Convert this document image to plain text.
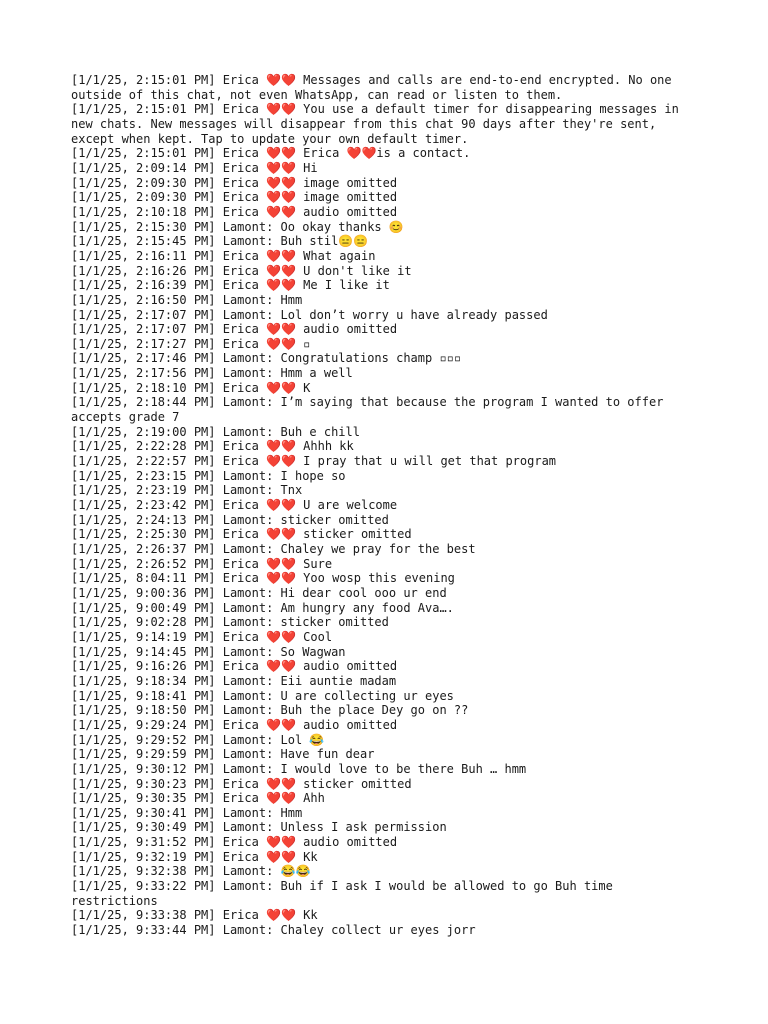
[1/1/25, 2:15:01 PM] Erica ❤️❤️ Messages and calls are end-to-end encrypted. No one outside of this chat, not even WhatsApp, can read or listen to them.

‎[1/1/25, 2:15:01 PM] Erica ❤️❤️ You use a default timer for disappearing messages in new chats. New messages will disappear from this chat 90 days after they're sent, except when kept. Tap to update your own default timer.

‎[1/1/25, 2:15:01 PM] Erica ❤️❤️ Erica ❤️❤️is a contact.

‎[1/1/25, 2:09:14 PM] Erica ❤️❤️ Hi

‎[1/1/25, 2:09:30 PM] Erica ❤️❤️ image omitted

‎[1/1/25, 2:09:30 PM] Erica ❤️❤️ image omitted

‎[1/1/25, 2:10:18 PM] Erica ❤️❤️ audio omitted

[1/1/25, 2:15:30 PM] Lamont: Oo okay thanks 😊

[1/1/25, 2:15:45 PM] Lamont: Buh stil😑😑

‎[1/1/25, 2:16:11 PM] Erica ❤️❤️ What again

‎[1/1/25, 2:16:26 PM] Erica ❤️❤️ U don't like it

‎[1/1/25, 2:16:39 PM] Erica ❤️❤️ Me I like it

[1/1/25, 2:16:50 PM] Lamont: Hmm

[1/1/25, 2:17:07 PM] Lamont: Lol don’t worry u have already passed

‎[1/1/25, 2:17:07 PM] Erica ❤️❤️ audio omitted

‎[1/1/25, 2:17:27 PM] Erica ❤️❤️ ▫

[1/1/25, 2:17:46 PM] Lamont: Congratulations champ ▫▫▫

[1/1/25, 2:17:56 PM] Lamont: Hmm a well

‎[1/1/25, 2:18:10 PM] Erica ❤️❤️ K

[1/1/25, 2:18:44 PM] Lamont: I’m saying that because the program I wanted to offer accepts grade 7

[1/1/25, 2:19:00 PM] Lamont: Buh e chill

‎[1/1/25, 2:22:28 PM] Erica ❤️❤️ Ahhh kk

‎[1/1/25, 2:22:57 PM] Erica ❤️❤️ I pray that u will get that program

[1/1/25, 2:23:15 PM] Lamont: I hope so

[1/1/25, 2:23:19 PM] Lamont: Tnx

‎[1/1/25, 2:23:42 PM] Erica ❤️❤️ U are welcome

[1/1/25, 2:24:13 PM] Lamont: sticker omitted

‎[1/1/25, 2:25:30 PM] Erica ❤️❤️ sticker omitted

[1/1/25, 2:26:37 PM] Lamont: Chaley we pray for the best

‎[1/1/25, 2:26:52 PM] Erica ❤️❤️ Sure

‎[1/1/25, 8:04:11 PM] Erica ❤️❤️ Yoo wosp this evening

[1/1/25, 9:00:36 PM] Lamont: Hi dear cool ooo ur end

[1/1/25, 9:00:49 PM] Lamont: Am hungry any food Ava….

[1/1/25, 9:02:28 PM] Lamont: sticker omitted

‎[1/1/25, 9:14:19 PM] Erica ❤️❤️ Cool

[1/1/25, 9:14:45 PM] Lamont: So Wagwan

‎[1/1/25, 9:16:26 PM] Erica ❤️❤️ audio omitted

[1/1/25, 9:18:34 PM] Lamont: Eii auntie madam

[1/1/25, 9:18:41 PM] Lamont: U are collecting ur eyes

[1/1/25, 9:18:50 PM] Lamont: Buh the place Dey go on ??

‎[1/1/25, 9:29:24 PM] Erica ❤️❤️ audio omitted

[1/1/25, 9:29:52 PM] Lamont: Lol 😂

[1/1/25, 9:29:59 PM] Lamont: Have fun dear

[1/1/25, 9:30:12 PM] Lamont: I would love to be there Buh … hmm

‎[1/1/25, 9:30:23 PM] Erica ❤️❤️ sticker omitted

‎[1/1/25, 9:30:35 PM] Erica ❤️❤️ Ahh

[1/1/25, 9:30:41 PM] Lamont: Hmm

[1/1/25, 9:30:49 PM] Lamont: Unless I ask permission

‎[1/1/25, 9:31:52 PM] Erica ❤️❤️ audio omitted

‎[1/1/25, 9:32:19 PM] Erica ❤️❤️ Kk

[1/1/25, 9:32:38 PM] Lamont: 😂😂

[1/1/25, 9:33:22 PM] Lamont: Buh if I ask I would be allowed to go Buh time restrictions

‎[1/1/25, 9:33:38 PM] Erica ❤️❤️ Kk

[1/1/25, 9:33:44 PM] Lamont: Chaley collect ur eyes jorr
